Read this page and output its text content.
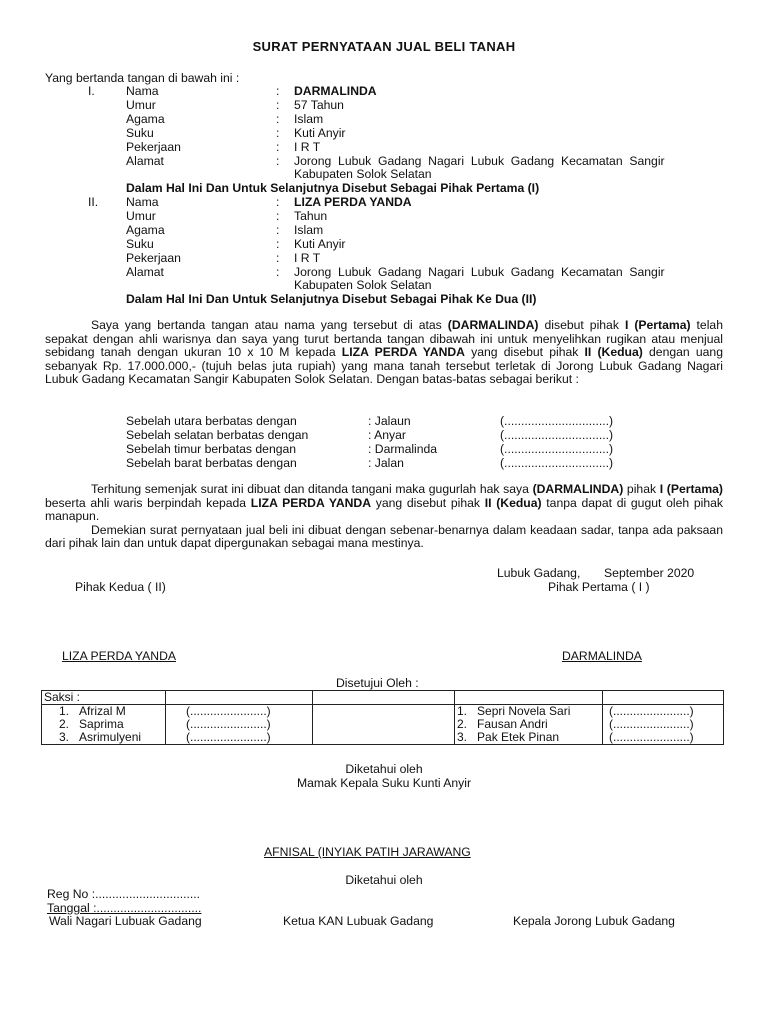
SURAT PERNYATAAN JUAL BELI TANAH
Yang bertanda tangan di bawah ini :
I.	Nama	: DARMALINDA
Umur	: 57 Tahun
Agama	: Islam
Suku	: Kuti Anyir
Pekerjaan	: I R T
Alamat	: Jorong  Lubuk  Gadang  Nagari  Lubuk  Gadang  Kecamatan  Sangir
Kabupaten Solok Selatan
Dalam Hal Ini Dan Untuk Selanjutnya Disebut Sebagai Pihak Pertama (I)
II. Nama	: LIZA PERDA YANDA
Umur	: Tahun
Agama	: Islam
Suku	: Kuti Anyir
Pekerjaan	: I R T
Alamat	: Jorong  Lubuk  Gadang  Nagari  Lubuk  Gadang  Kecamatan  Sangir
Kabupaten Solok Selatan
Dalam Hal Ini Dan Untuk Selanjutnya Disebut Sebagai Pihak Ke Dua (II)

Saya yang bertanda tangan atau nama yang tersebut di atas (DARMALINDA) disebut pihak I (Pertama) telah sepakat dengan ahli warisnya dan saya yang turut bertanda tangan dibawah ini untuk menyelihkan rugikan atau menjual sebidang tanah dengan ukuran 10 x 10 M kepada LIZA PERDA YANDA yang disebut pihak II (Kedua) dengan uang sebanyak Rp. 17.000.000,- (tujuh belas juta rupiah) yang mana tanah tersebut terletak di Jorong Lubuk Gadang Nagari Lubuk Gadang Kecamatan Sangir Kabupaten Solok Selatan. Dengan batas-batas sebagai berikut :

Sebelah utara berbatas dengan	: Jalaun	(...............................)
Sebelah selatan berbatas dengan	: Anyar	(...............................)
Sebelah timur berbatas dengan	: Darmalinda	(...............................)
Sebelah barat berbatas dengan	: Jalan	(...............................)

Terhitung semenjak surat ini dibuat dan ditanda tangani maka gugurlah hak saya (DARMALINDA) pihak I (Pertama) beserta ahli waris berpindah kepada LIZA PERDA YANDA yang disebut pihak II (Kedua) tanpa dapat di gugut oleh pihak manapun.

Demekian surat pernyataan jual beli ini dibuat dengan sebenar-benarnya dalam keadaan sadar, tanpa ada paksaan dari pihak lain dan untuk dapat dipergunakan sebagai mana mestinya.

Lubuk Gadang,       September 2020
Pihak Kedua ( II)	Pihak Pertama ( I )
LIZA PERDA YANDA	DARMALINDA
Disetujui Oleh :
Saksi :				
1. Afrizal M	(.......................)		1. Sepri Novela Sari	(.......................)
2. Saprima	(.......................)		2. Fausan Andri	(.......................)
3. Asrimulyeni	(.......................)		3. Pak Etek Pinan	(.......................)
Diketahui oleh
Mamak Kepala Suku Kunti Anyir
AFNISAL (INYIAK PATIH JARAWANG
Diketahui oleh
Reg No :...............................
Tanggal :...............................
Wali Nagari Lubuak Gadang	Ketua KAN Lubuak Gadang	Kepala Jorong Lubuk Gadang
